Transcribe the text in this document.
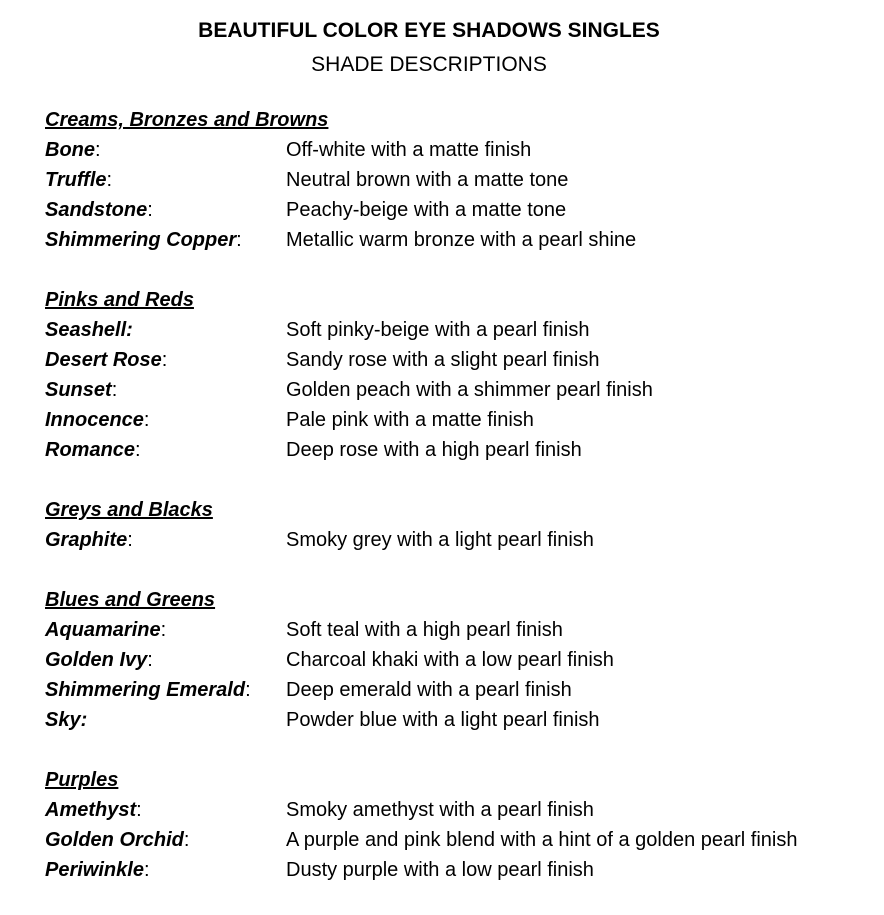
BEAUTIFUL COLOR EYE SHADOWS SINGLES
SHADE DESCRIPTIONS
Creams, Bronzes and Browns
Bone:	Off-white with a matte finish
Truffle:	Neutral brown with a matte tone
Sandstone:	Peachy-beige with a matte tone
Shimmering Copper:	Metallic warm bronze with a pearl shine
Pinks and Reds
Seashell:	Soft pinky-beige with a pearl finish
Desert Rose:	Sandy rose with a slight pearl finish
Sunset:	Golden peach with a shimmer pearl finish
Innocence:	Pale pink with a matte finish
Romance:	Deep rose with a high pearl finish
Greys and Blacks
Graphite:	Smoky grey with a light pearl finish
Blues and Greens
Aquamarine:	Soft teal with a high pearl finish
Golden Ivy:	Charcoal khaki with a low pearl finish
Shimmering Emerald:	Deep emerald with a pearl finish
Sky:	Powder blue with a light pearl finish
Purples
Amethyst:	Smoky amethyst with a pearl finish
Golden Orchid:	A purple and pink blend with a hint of a golden pearl finish
Periwinkle:	Dusty purple with a low pearl finish
